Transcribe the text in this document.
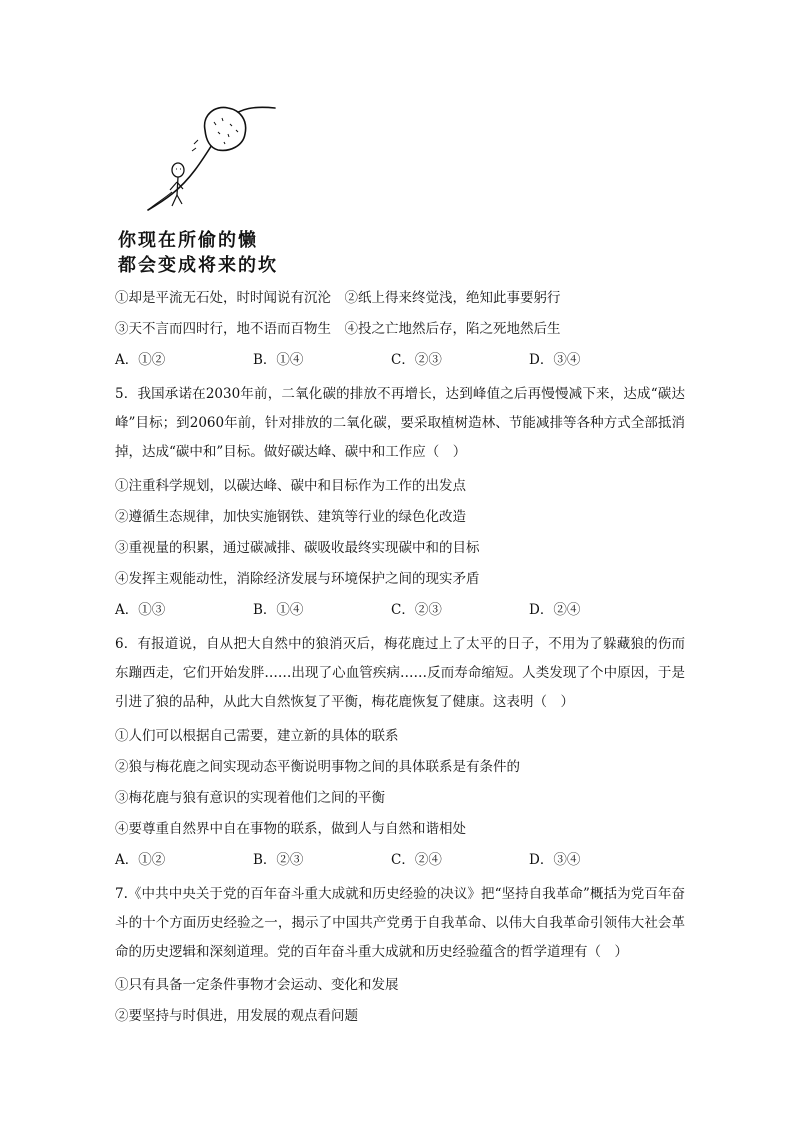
你现在所偷的懒
都会变成将来的坎
①却是平流无石处，时时闻说有沉沦　②纸上得来终觉浅，绝知此事要躬行
③天不言而四时行，地不语而百物生　④投之亡地然后存，陷之死地然后生
A．①②	B．①④	C．②③	D．③④
5．我国承诺在2030年前，二氧化碳的排放不再增长，达到峰值之后再慢慢减下来，达成“碳达峰”目标；到2060年前，针对排放的二氧化碳，要采取植树造林、节能减排等各种方式全部抵消掉，达成“碳中和”目标。做好碳达峰、碳中和工作应（　）
①注重科学规划，以碳达峰、碳中和目标作为工作的出发点
②遵循生态规律，加快实施钢铁、建筑等行业的绿色化改造
③重视量的积累，通过碳减排、碳吸收最终实现碳中和的目标
④发挥主观能动性，消除经济发展与环境保护之间的现实矛盾
A．①③	B．①④	C．②③	D．②④
6．有报道说，自从把大自然中的狼消灭后，梅花鹿过上了太平的日子，不用为了躲藏狼的伤而东蹦西走，它们开始发胖……出现了心血管疾病……反而寿命缩短。人类发现了个中原因，于是引进了狼的品种，从此大自然恢复了平衡，梅花鹿恢复了健康。这表明（　）
①人们可以根据自己需要，建立新的具体的联系
②狼与梅花鹿之间实现动态平衡说明事物之间的具体联系是有条件的
③梅花鹿与狼有意识的实现着他们之间的平衡
④要尊重自然界中自在事物的联系，做到人与自然和谐相处
A．①②	B．②③	C．②④	D．③④
7.《中共中央关于党的百年奋斗重大成就和历史经验的决议》把“坚持自我革命”概括为党百年奋斗的十个方面历史经验之一，揭示了中国共产党勇于自我革命、以伟大自我革命引领伟大社会革命的历史逻辑和深刻道理。党的百年奋斗重大成就和历史经验蕴含的哲学道理有（　）
①只有具备一定条件事物才会运动、变化和发展
②要坚持与时俱进，用发展的观点看问题
